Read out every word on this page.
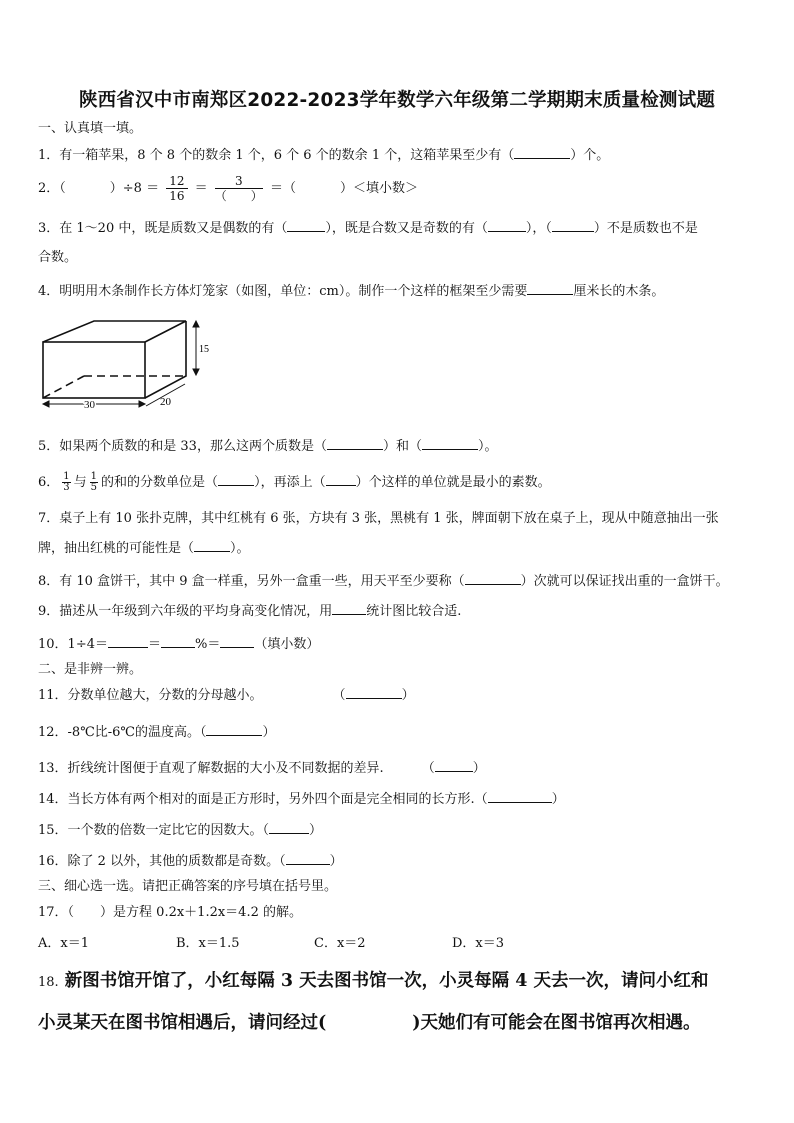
陕西省汉中市南郑区2022-2023学年数学六年级第二学期期末质量检测试题
一、认真填一填。
1．有一箱苹果，8 个 8 个的数余 1 个，6 个 6 个的数余 1 个，这箱苹果至少有（	）个。
2．（	）$\div 8 = \frac{12}{16} = \frac{3}{( )}$ ＝（	）＜填小数＞
3．在 1～20 中，既是质数又是偶数的有（	），既是合数又是奇数的有（	），（	）不是质数也不是
合数。
4．明明用木条制作长方体灯笼家（如图，单位：cm）。制作一个这样的框架至少需要	厘米长的木条。
15
30	20
5．如果两个质数的和是 33，那么这两个质数是（	）和（	）。
6． $\frac{1}{3}$ 与 $\frac{1}{5}$ 的和的分数单位是（	），再添上（ ）个这样的单位就是最小的素数。
7．桌子上有 10 张扑克牌，其中红桃有 6 张，方块有 3 张，黑桃有 1 张，牌面朝下放在桌子上，现从中随意抽出一张
牌，抽出红桃的可能性是（	）。
8．有 10 盒饼干，其中 9 盒一样重，另外一盒重一些，用天平至少要称（	）次就可以保证找出重的一盒饼干。
9．描述从一年级到六年级的平均身高变化情况，用	统计图比较合适.
10．1÷4＝	＝	%＝	（填小数）
二、是非辨一辨。
11．分数单位越大，分数的分母越小。	（	）
12．-8℃比-6℃的温度高。（	）
13．折线统计图便于直观了解数据的大小及不同数据的差异.	（	）
14．当长方体有两个相对的面是正方形时，另外四个面是完全相同的长方形.（	）
15．一个数的倍数一定比它的因数大。（	）
16．除了 2 以外，其他的质数都是奇数。（	）
三、细心选一选。请把正确答案的序号填在括号里。
17．（　　）是方程 0.2x＋1.2x＝4.2 的解。
A．x＝1	B．x＝1.5	C．x＝2	D．x＝3
18. 新图书馆开馆了，小红每隔 3 天去图书馆一次，小灵每隔 4 天去一次，请问小红和
小灵某天在图书馆相遇后，请问经过(	)天她们有可能会在图书馆再次相遇。
